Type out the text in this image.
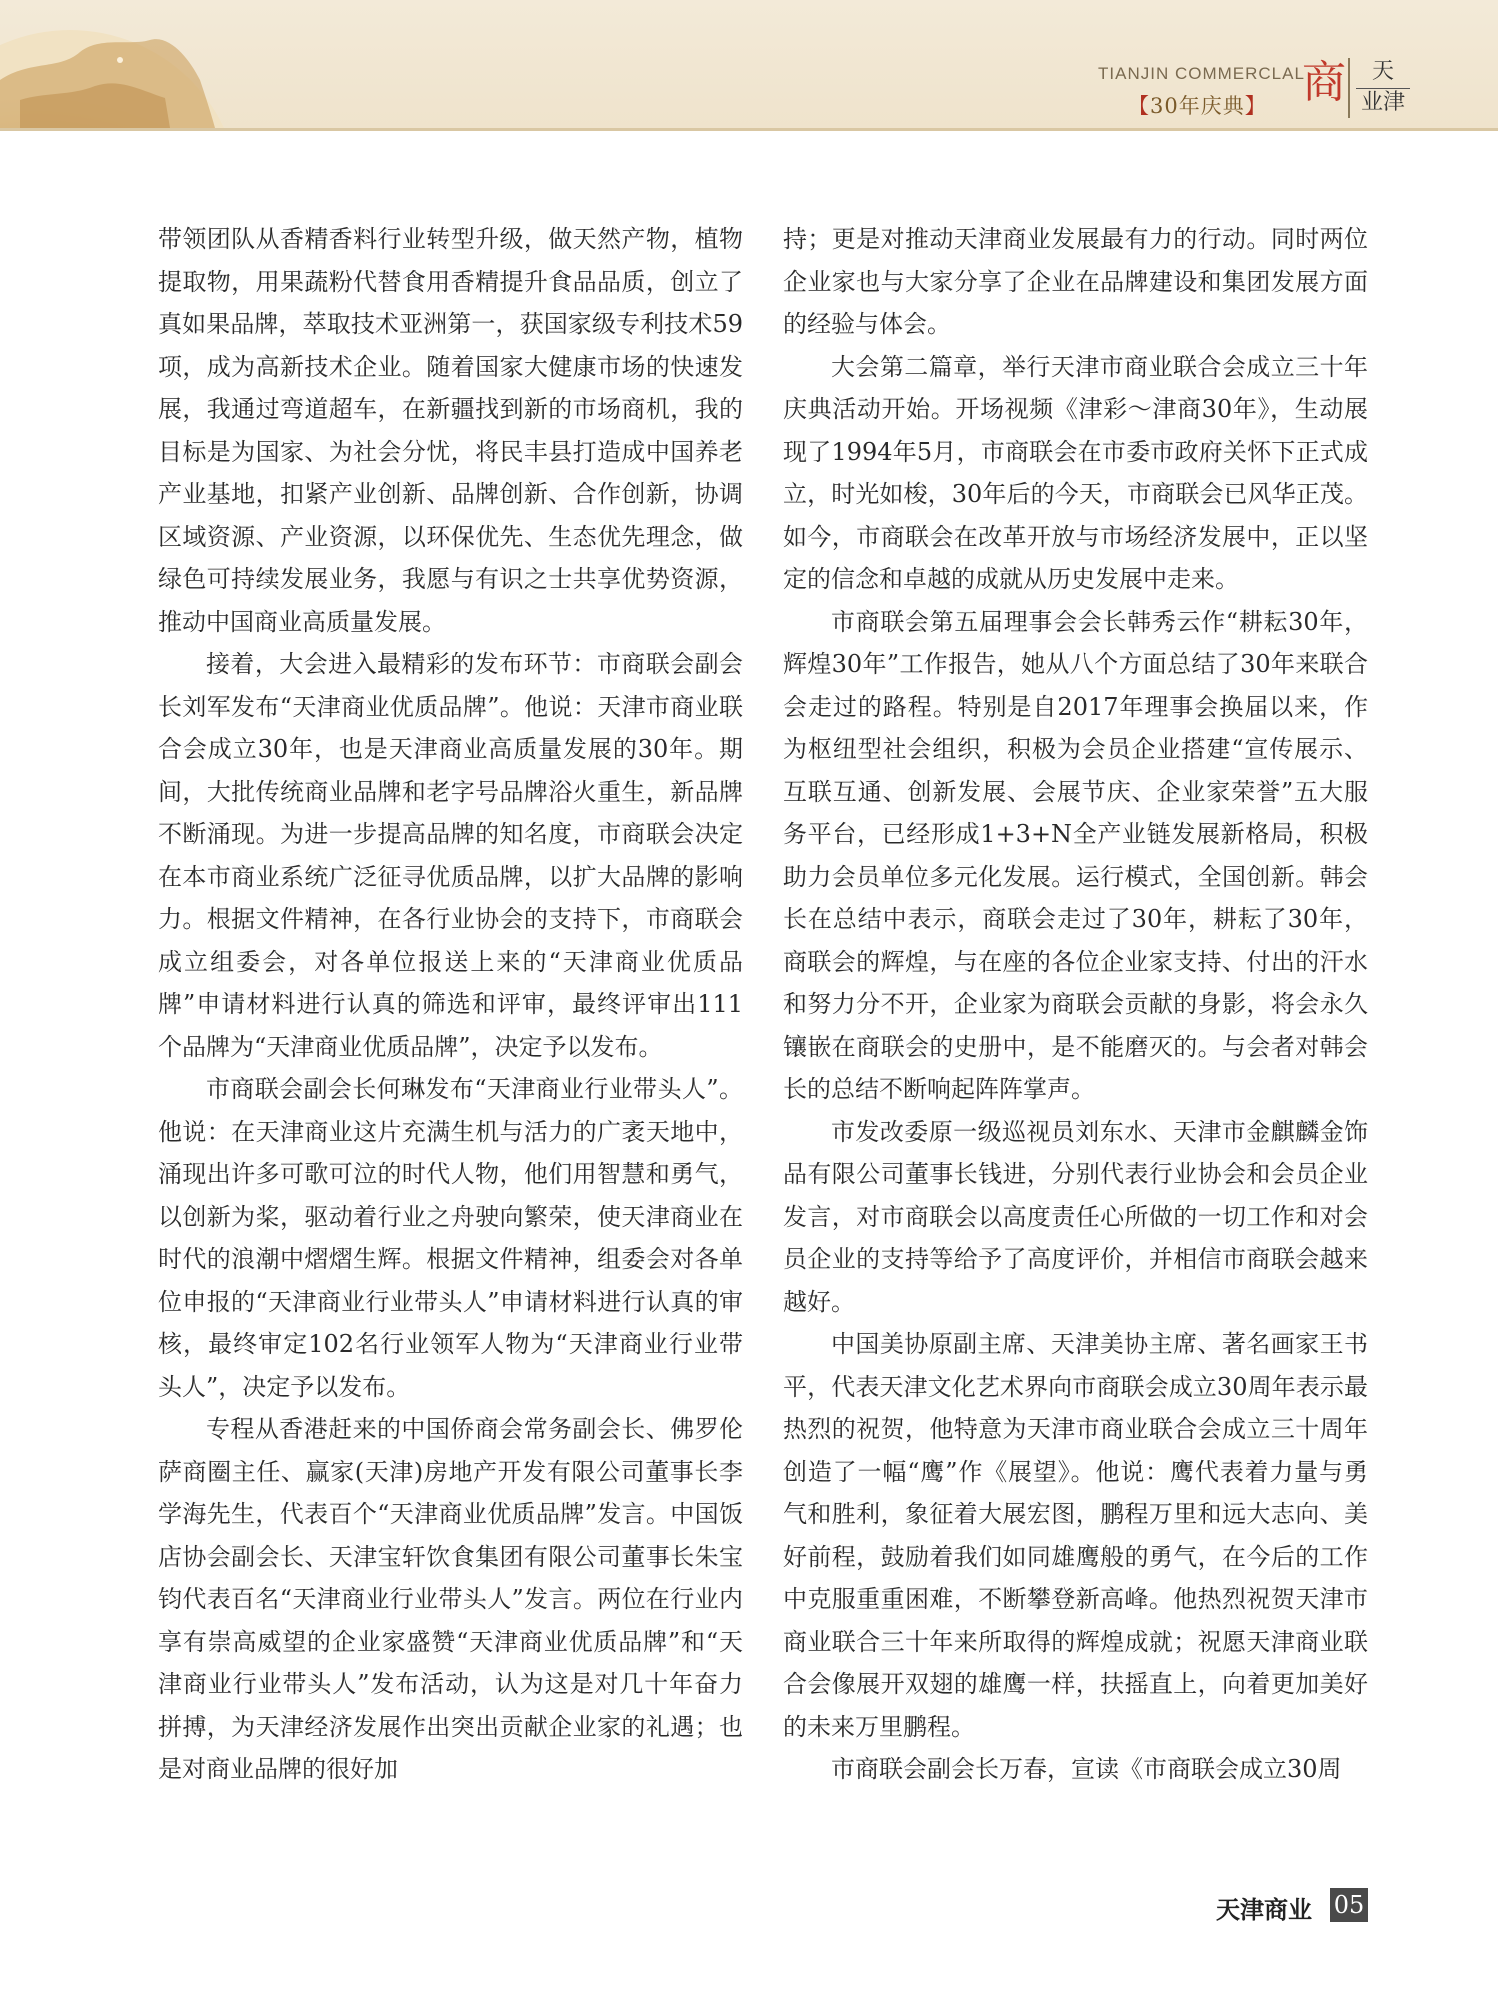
TIANJIN COMMERCLAL
【30年庆典】 商	天
业津

带领团队从香精香料行业转型升级，做天然产物，植物提取物，用果蔬粉代替食用香精提升食品品质，创立了真如果品牌，萃取技术亚洲第一，获国家级专利技术59项，成为高新技术企业。随着国家大健康市场的快速发展，我通过弯道超车，在新疆找到新的市场商机，我的目标是为国家、为社会分忧，将民丰县打造成中国养老产业基地，扣紧产业创新、品牌创新、合作创新，协调区域资源、产业资源，以环保优先、生态优先理念，做绿色可持续发展业务，我愿与有识之士共享优势资源，推动中国商业高质量发展。

接着，大会进入最精彩的发布环节：市商联会副会长刘军发布“天津商业优质品牌”。他说：天津市商业联合会成立30年，也是天津商业高质量发展的30年。期间，大批传统商业品牌和老字号品牌浴火重生，新品牌不断涌现。为进一步提高品牌的知名度，市商联会决定在本市商业系统广泛征寻优质品牌，以扩大品牌的影响力。根据文件精神，在各行业协会的支持下，市商联会成立组委会，对各单位报送上来的“天津商业优质品牌”申请材料进行认真的筛选和评审，最终评审出111个品牌为“天津商业优质品牌”，决定予以发布。

市商联会副会长何琳发布“天津商业行业带头人”。他说：在天津商业这片充满生机与活力的广袤天地中，涌现出许多可歌可泣的时代人物，他们用智慧和勇气，以创新为桨，驱动着行业之舟驶向繁荣，使天津商业在时代的浪潮中熠熠生辉。根据文件精神，组委会对各单位申报的“天津商业行业带头人”申请材料进行认真的审核，最终审定102名行业领军人物为“天津商业行业带头人”，决定予以发布。

专程从香港赶来的中国侨商会常务副会长、佛罗伦萨商圈主任、赢家(天津)房地产开发有限公司董事长李学海先生，代表百个“天津商业优质品牌”发言。中国饭店协会副会长、天津宝轩饮食集团有限公司董事长朱宝钧代表百名“天津商业行业带头人”发言。两位在行业内享有崇高威望的企业家盛赞“天津商业优质品牌”和“天津商业行业带头人”发布活动，认为这是对几十年奋力拼搏，为天津经济发展作出突出贡献企业家的礼遇；也是对商业品牌的很好加

持；更是对推动天津商业发展最有力的行动。同时两位企业家也与大家分享了企业在品牌建设和集团发展方面的经验与体会。

大会第二篇章，举行天津市商业联合会成立三十年庆典活动开始。开场视频《津彩～津商30年》，生动展现了1994年5月，市商联会在市委市政府关怀下正式成立，时光如梭，30年后的今天，市商联会已风华正茂。如今，市商联会在改革开放与市场经济发展中，正以坚定的信念和卓越的成就从历史发展中走来。

市商联会第五届理事会会长韩秀云作“耕耘30年，辉煌30年”工作报告，她从八个方面总结了30年来联合会走过的路程。特别是自2017年理事会换届以来，作为枢纽型社会组织，积极为会员企业搭建“宣传展示、互联互通、创新发展、会展节庆、企业家荣誉”五大服务平台，已经形成1+3+N全产业链发展新格局，积极助力会员单位多元化发展。运行模式，全国创新。韩会长在总结中表示，商联会走过了30年，耕耘了30年，商联会的辉煌，与在座的各位企业家支持、付出的汗水和努力分不开，企业家为商联会贡献的身影，将会永久镶嵌在商联会的史册中，是不能磨灭的。与会者对韩会长的总结不断响起阵阵掌声。

市发改委原一级巡视员刘东水、天津市金麒麟金饰品有限公司董事长钱进，分别代表行业协会和会员企业发言，对市商联会以高度责任心所做的一切工作和对会员企业的支持等给予了高度评价，并相信市商联会越来越好。

中国美协原副主席、天津美协主席、著名画家王书平，代表天津文化艺术界向市商联会成立30周年表示最热烈的祝贺，他特意为天津市商业联合会成立三十周年创造了一幅“鹰”作《展望》。他说：鹰代表着力量与勇气和胜利，象征着大展宏图，鹏程万里和远大志向、美好前程，鼓励着我们如同雄鹰般的勇气，在今后的工作中克服重重困难，不断攀登新高峰。他热烈祝贺天津市商业联合三十年来所取得的辉煌成就；祝愿天津商业联合会像展开双翅的雄鹰一样，扶摇直上，向着更加美好的未来万里鹏程。

市商联会副会长万春，宣读《市商联会成立30周

天津商业 05
